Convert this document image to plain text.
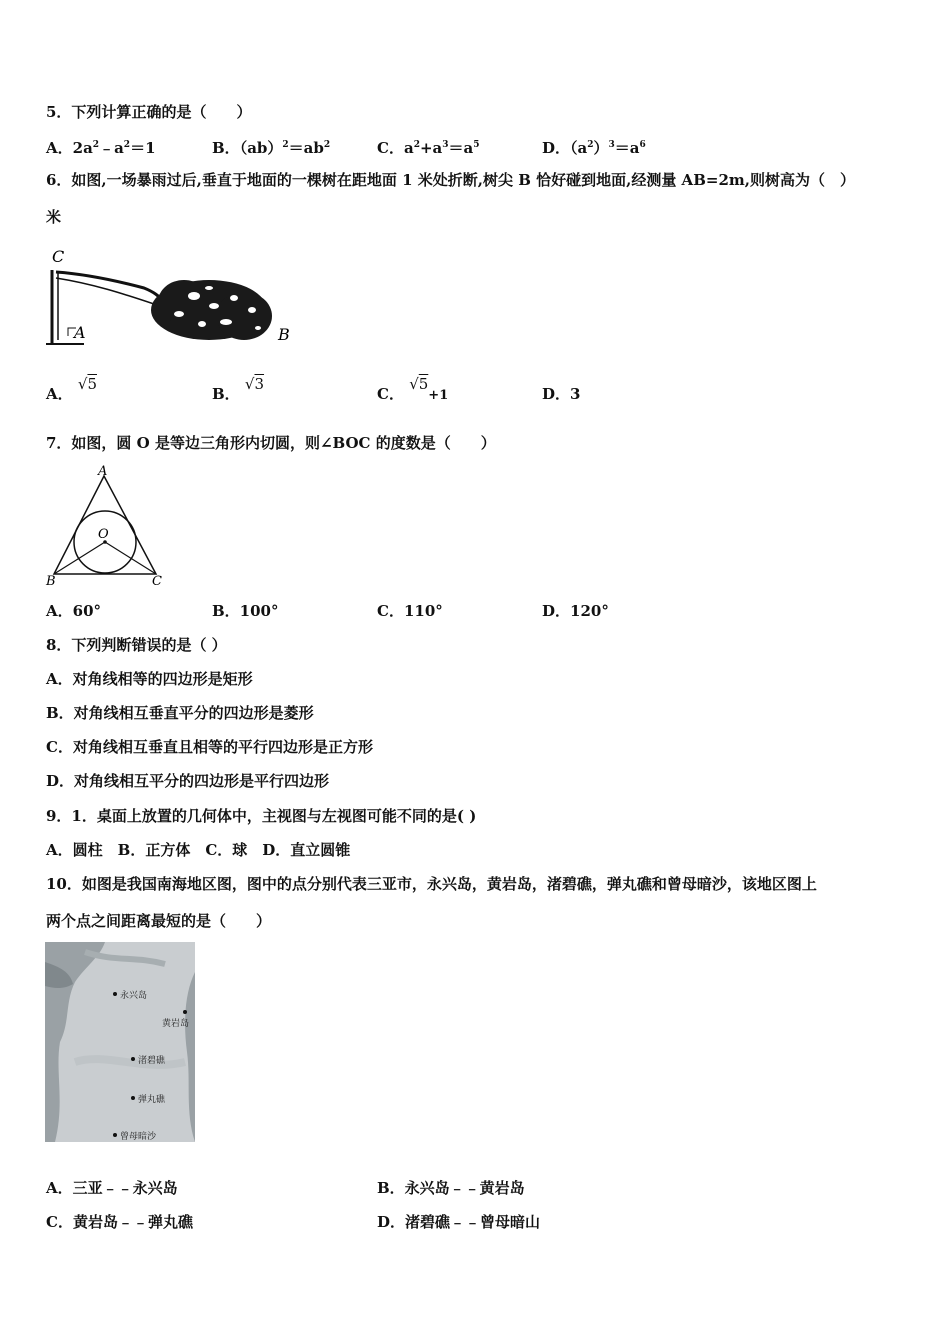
5．下列计算正确的是（　　）
A．$2a^2﹣a^2=1$	B．$(ab)^2=ab^2$	C．$a^2+a^3=a^5$	D．$(a^2)^3=a^6$
6．如图,一场暴雨过后,垂直于地面的一棵树在距地面 1 米处折断,树尖 B 恰好碰到地面,经测量 AB=2m,则树高为（　）
米
C
A	B
A． √5
B． √3
C． √5+1	D．3
7．如图，圆 O 是等边三角形内切圆，则∠BOC 的度数是（　　）
A
O
B	C
A．60°	B．100°	C．110°	D．120°
8．下列判断错误的是（ ）
A．对角线相等的四边形是矩形
B．对角线相互垂直平分的四边形是菱形
C．对角线相互垂直且相等的平行四边形是正方形
D．对角线相互平分的四边形是平行四边形
9．1．桌面上放置的几何体中，主视图与左视图可能不同的是( )
A．圆柱　B．正方体　C．球　D．直立圆锥
10．如图是我国南海地区图，图中的点分别代表三亚市，永兴岛，黄岩岛，渚碧礁，弹丸礁和曾母暗沙，该地区图上
两个点之间距离最短的是（　　）
永兴岛
黄岩岛
渚碧礁
弹丸礁
曾母暗沙
A．三亚﹣﹣永兴岛	B．永兴岛﹣﹣黄岩岛
C．黄岩岛﹣﹣弹丸礁	D．渚碧礁﹣﹣曾母暗山
